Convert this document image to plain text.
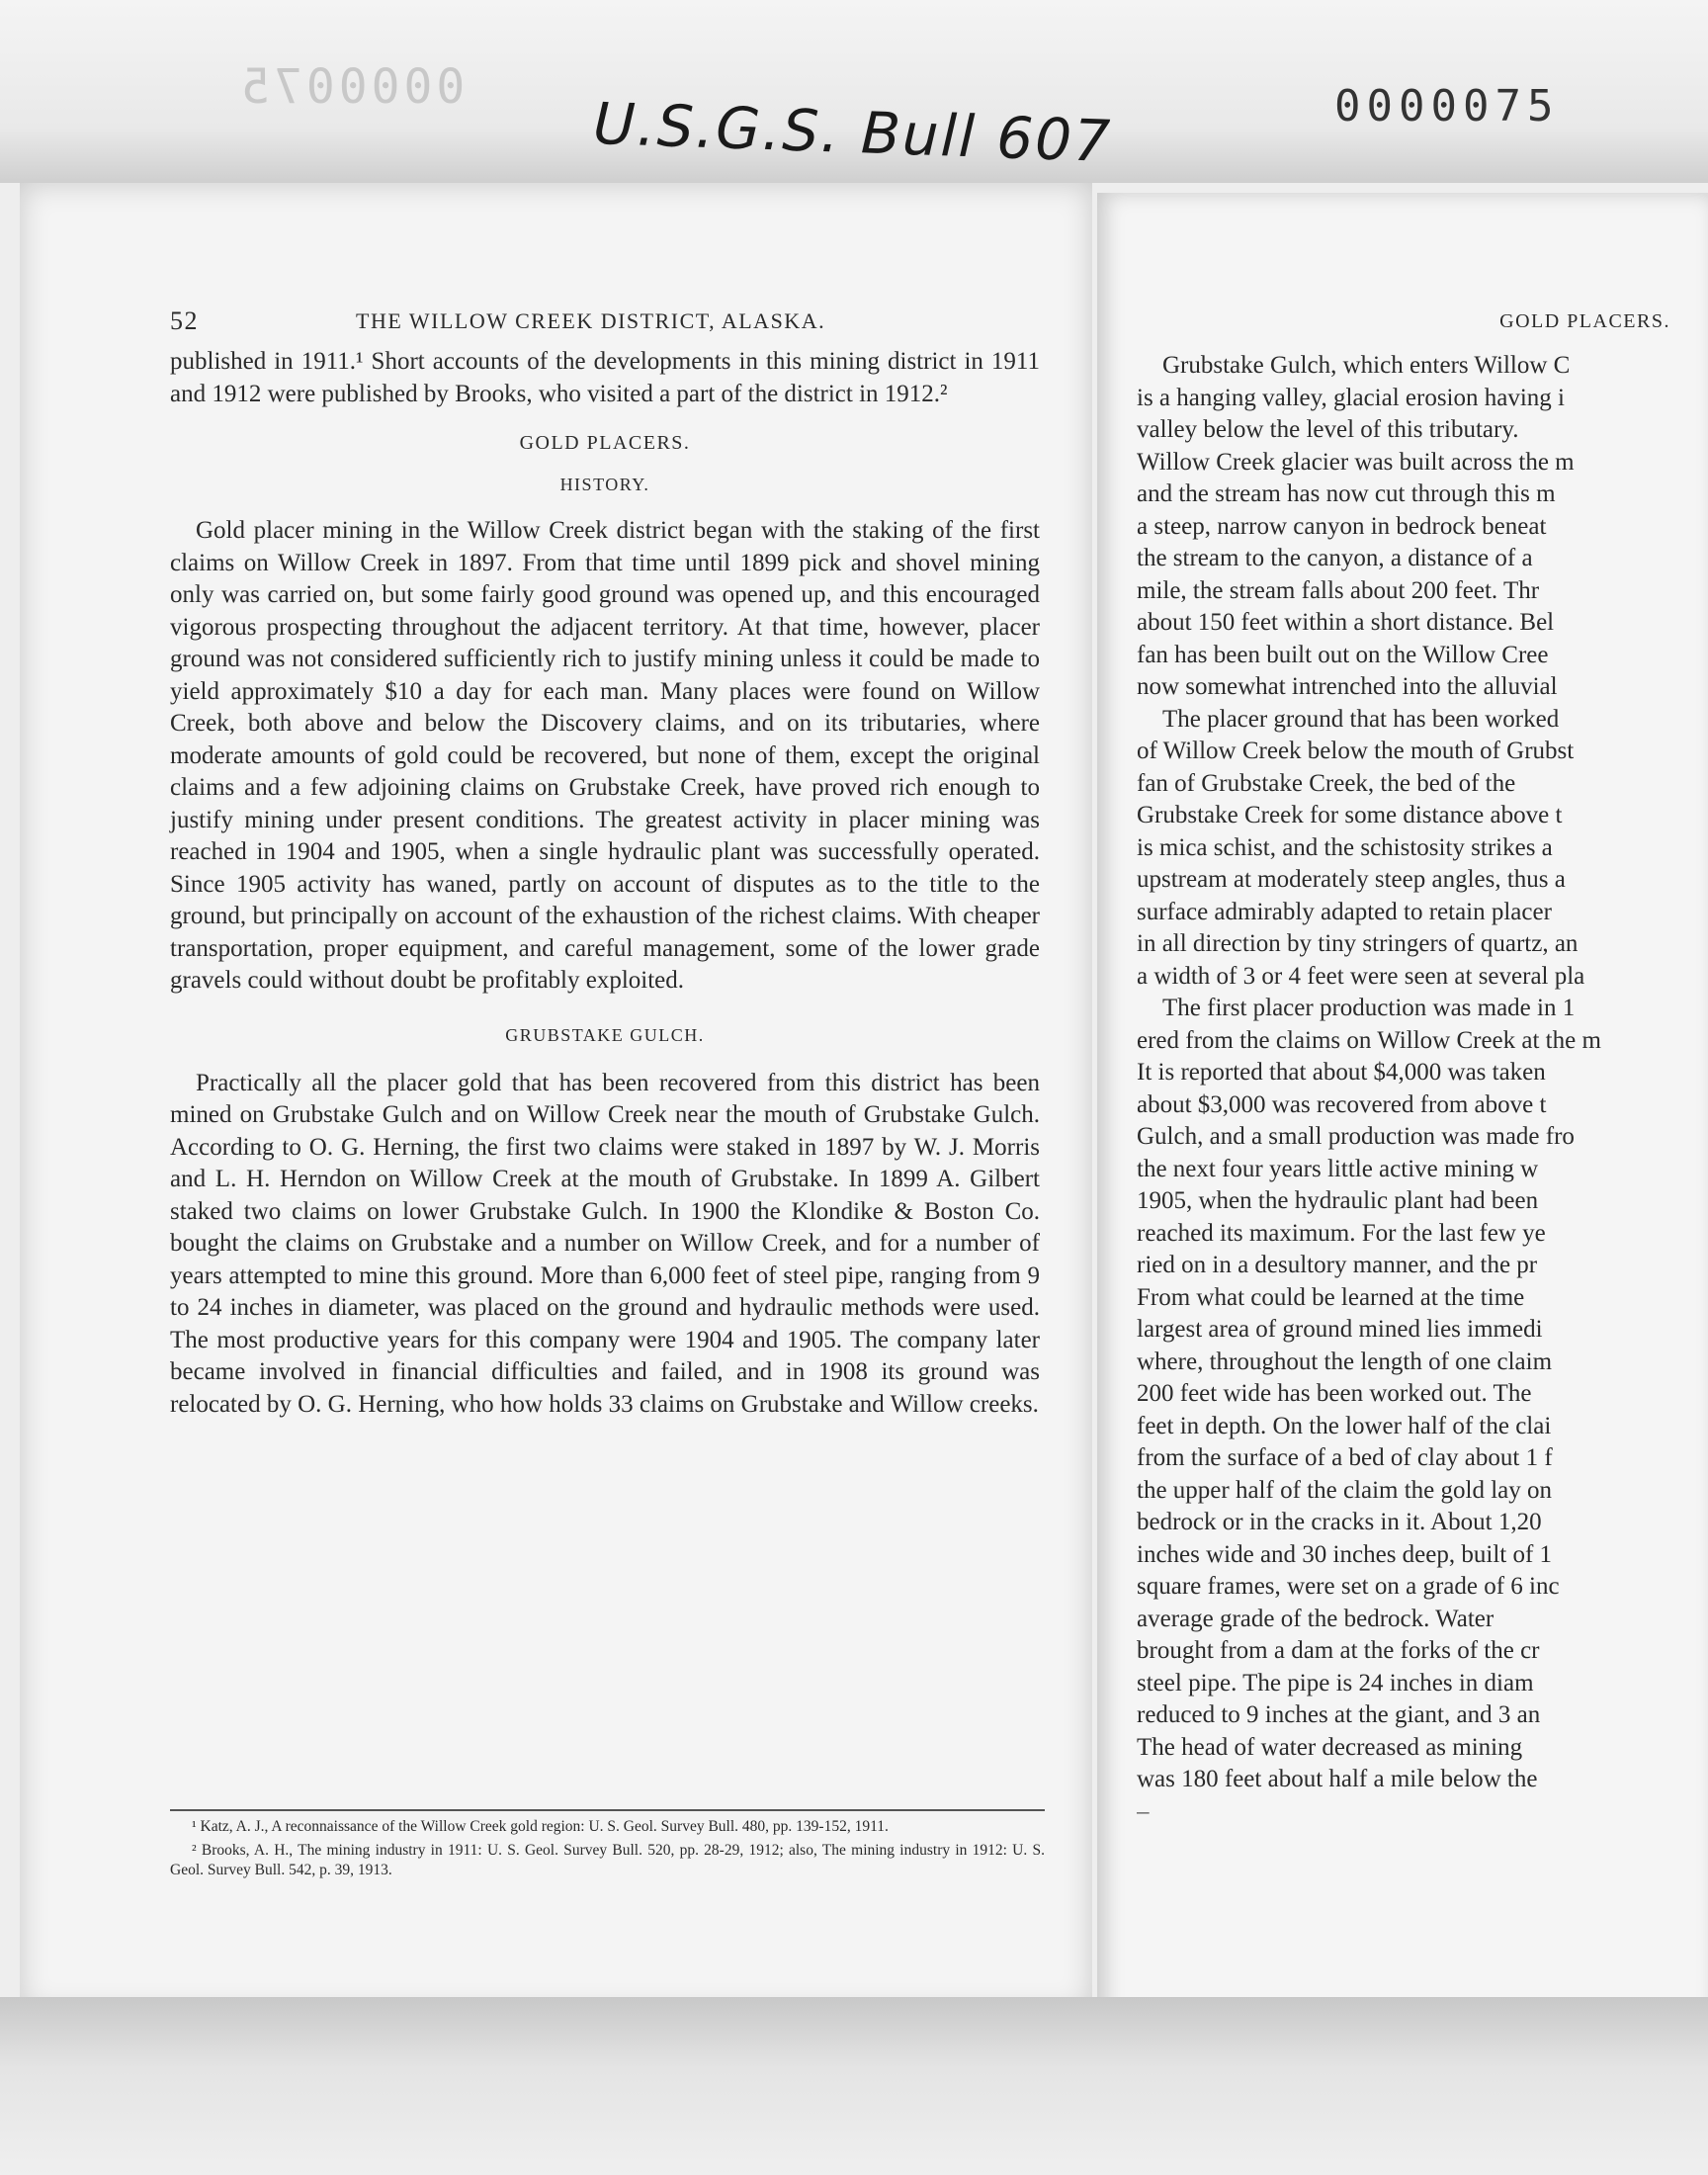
0000075	0000075
U.S.G.S. Bull 607
52	THE WILLOW CREEK DISTRICT, ALASKA.

published in 1911.¹ Short accounts of the developments in this mining district in 1911 and 1912 were published by Brooks, who visited a part of the district in 1912.²

GOLD PLACERS.

HISTORY.

Gold placer mining in the Willow Creek district began with the staking of the first claims on Willow Creek in 1897. From that time until 1899 pick and shovel mining only was carried on, but some fairly good ground was opened up, and this encouraged vigorous prospecting throughout the adjacent territory. At that time, however, placer ground was not considered sufficiently rich to justify mining unless it could be made to yield approximately $10 a day for each man. Many places were found on Willow Creek, both above and below the Discovery claims, and on its tributaries, where moderate amounts of gold could be recovered, but none of them, except the original claims and a few adjoining claims on Grubstake Creek, have proved rich enough to justify mining under present conditions. The greatest activity in placer mining was reached in 1904 and 1905, when a single hydraulic plant was successfully operated. Since 1905 activity has waned, partly on account of disputes as to the title to the ground, but principally on account of the exhaustion of the richest claims. With cheaper transportation, proper equipment, and careful management, some of the lower grade gravels could without doubt be profitably exploited.

GRUBSTAKE GULCH.

Practically all the placer gold that has been recovered from this district has been mined on Grubstake Gulch and on Willow Creek near the mouth of Grubstake Gulch. According to O. G. Herning, the first two claims were staked in 1897 by W. J. Morris and L. H. Herndon on Willow Creek at the mouth of Grubstake. In 1899 A. Gilbert staked two claims on lower Grubstake Gulch. In 1900 the Klondike & Boston Co. bought the claims on Grubstake and a number on Willow Creek, and for a number of years attempted to mine this ground. More than 6,000 feet of steel pipe, ranging from 9 to 24 inches in diameter, was placed on the ground and hydraulic methods were used. The most productive years for this company were 1904 and 1905. The company later became involved in financial difficulties and failed, and in 1908 its ground was relocated by O. G. Herning, who how holds 33 claims on Grubstake and Willow creeks.

¹ Katz, A. J., A reconnaissance of the Willow Creek gold region: U. S. Geol. Survey Bull. 480, pp. 139-152, 1911.

² Brooks, A. H., The mining industry in 1911: U. S. Geol. Survey Bull. 520, pp. 28-29, 1912; also, The mining industry in 1912: U. S. Geol. Survey Bull. 542, p. 39, 1913.

GOLD PLACERS.
Grubstake Gulch, which enters Willow C
is a hanging valley, glacial erosion having i
valley below the level of this tributary.
Willow Creek glacier was built across the m
and the stream has now cut through this m
a steep, narrow canyon in bedrock beneat
the stream to the canyon, a distance of a
mile, the stream falls about 200 feet. Thr
about 150 feet within a short distance. Bel
fan has been built out on the Willow Cree
now somewhat intrenched into the alluvial
The placer ground that has been worked
of Willow Creek below the mouth of Grubst
fan of Grubstake Creek, the bed of the
Grubstake Creek for some distance above t
is mica schist, and the schistosity strikes a
upstream at moderately steep angles, thus a
surface admirably adapted to retain placer
in all direction by tiny stringers of quartz, an
a width of 3 or 4 feet were seen at several pla
The first placer production was made in 1
ered from the claims on Willow Creek at the m
It is reported that about $4,000 was taken
about $3,000 was recovered from above t
Gulch, and a small production was made fro
the next four years little active mining w
1905, when the hydraulic plant had been
reached its maximum. For the last few ye
ried on in a desultory manner, and the pr
From what could be learned at the time
largest area of ground mined lies immedi
where, throughout the length of one claim
200 feet wide has been worked out. The
feet in depth. On the lower half of the clai
from the surface of a bed of clay about 1 f
the upper half of the claim the gold lay on
bedrock or in the cracks in it. About 1,20
inches wide and 30 inches deep, built of 1
square frames, were set on a grade of 6 inc
average grade of the bedrock. Water
brought from a dam at the forks of the cr
steel pipe. The pipe is 24 inches in diam
reduced to 9 inches at the giant, and 3 an
The head of water decreased as mining
was 180 feet about half a mile below the
–
